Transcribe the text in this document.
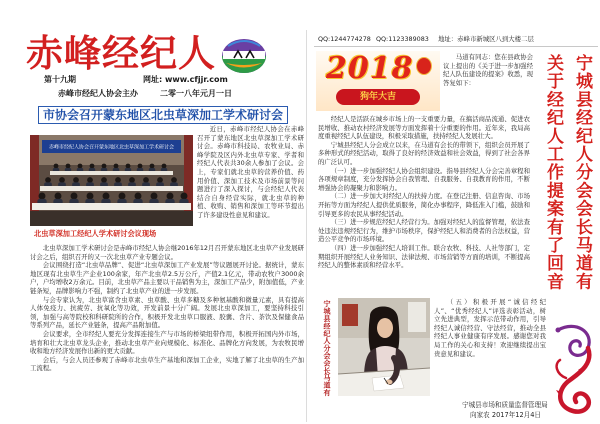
赤峰经纪人
第十九期	网址: www.cfjjr.com
赤峰市经纪人协会主办	二零一八年元月一日
市协会召开蒙东地区北虫草深加工学术研讨会
赤峰市经纪人协会召开蒙东地区北虫草深加工学术研讨会
北虫草深加工经纪人学术研讨会议现场

近日，赤峰市经纪人协会在赤峰召开了蒙东地区北虫草深加工学术研讨会。赤峰市科技局、农牧业局、赤峰学院及区内外北虫草专家、学者和经纪人代表共30余人参加了会议。会上，专家们就北虫草的营养价值、药用价值、深加工技术及市场前景等问题进行了深入探讨，与会经纪人代表结合自身经营实际，就北虫草的种植、收购、销售和深加工等环节提出了许多建设性意见和建议。

北虫草深加工学术研讨会是赤峰市经纪人协会继2016年12月召开蒙东地区北虫草产业发展研讨会之后，组织召开的又一次北虫草产业专题会议。

会议围绕打造“北虫草品牌”、促进“北虫草深加工产业发展”等议题展开讨论。据统计，蒙东地区现有北虫草生产企业100余家，年产北虫草2.5万公斤，产值2.1亿元，带动农牧户3000余户，户均增收2万余元。目前，北虫草产品主要以干品销售为主，深加工产品少，附加值低，产业链条短，品牌影响力不强，制约了北虫草产业的进一步发展。

与会专家认为，北虫草富含虫草素、虫草酸、虫草多糖及多种氨基酸和微量元素，具有提高人体免疫力、抗疲劳、抗氧化等功效，开发前景十分广阔。发展北虫草深加工，要坚持科技引领，加强与高等院校和科研院所的合作，积极开发北虫草口服液、胶囊、含片、茶饮及保健食品等系列产品，延长产业链条，提高产品附加值。

会议要求，全市经纪人要充分发挥连接生产与市场的桥梁纽带作用，积极开拓国内外市场，培育和壮大北虫草龙头企业，推动北虫草产业向规模化、标准化、品牌化方向发展，为农牧民增收和地方经济发展作出新的更大贡献。

会后，与会人员还参观了赤峰市北虫草生产基地和深加工企业，实地了解了北虫草的生产加工流程。

QQ:1244774278 QQ:1123389083 地址：赤峰市新城区八到大楼二层
2018
狗年大吉

马道有同志：您在县政协会议上提出的《关于进一步加强经纪人队伍建设的提案》收悉，现答复如下：	宁城县经纪人分会会长马道有
关于经纪人工作提案有了回音

经纪人是活跃在城乡市场上的一支重要力量，在搞活商品流通、促进农民增收、推动农村经济发展等方面发挥着十分重要的作用。近年来，我局高度重视经纪人队伍建设，积极采取措施，扶持经纪人发展壮大。

宁城县经纪人分会成立以来，在马道有会长的带领下，组织会员开展了多种形式的经纪活动，取得了良好的经济效益和社会效益，得到了社会各界的广泛认可。

（一）进一步加强经纪人协会组织建设。指导县经纪人分会完善章程和各项规章制度，充分发挥协会自我管理、自我服务、自我教育的作用，不断增强协会的凝聚力和影响力。

（二）进一步加大对经纪人的扶持力度。在登记注册、信息咨询、市场开拓等方面为经纪人提供优质服务，简化办事程序，降低准入门槛，鼓励和引导更多的农民从事经纪活动。

（三）进一步规范经纪人经营行为。加强对经纪人的监督管理，依法查处违法违规经纪行为，维护市场秩序，保护经纪人和消费者的合法权益，营造公平竞争的市场环境。

（四）进一步加强经纪人培训工作。联合农牧、科技、人社等部门，定期组织开展经纪人业务知识、法律法规、市场营销等方面的培训，不断提高经纪人的整体素质和经营水平。

宁城县经纪人分会会长马道有	（五）积极开展“诚信经纪人”、“优秀经纪人”评选表彰活动，树立先进典型，发挥示范带动作用，引导经纪人诚信经营、守法经营，推动全县经纪人事业健康有序发展。感谢您对我局工作的关心和支持！欢迎继续提出宝贵意见和建议。

宁城县市场和质量监督管理局
向家农 2017年12月4日
